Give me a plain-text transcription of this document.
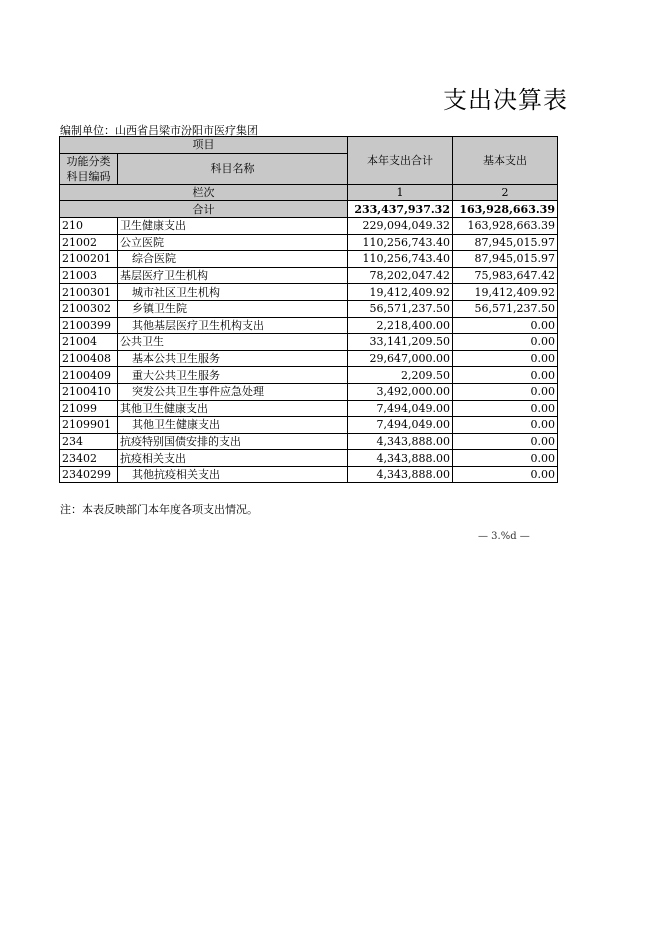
支出决算表
编制单位：山西省吕梁市汾阳市医疗集团
项目		本年支出合计	基本支出
功能分类
科目编码	科目名称		

栏次		1	2
合计		233,437,937.32	163,928,663.39
210	卫生健康支出	229,094,049.32	163,928,663.39
21002	公立医院	110,256,743.40	87,945,015.97
2100201	综合医院	110,256,743.40	87,945,015.97
21003	基层医疗卫生机构	78,202,047.42	75,983,647.42
2100301	城市社区卫生机构	19,412,409.92	19,412,409.92
2100302	乡镇卫生院	56,571,237.50	56,571,237.50
2100399	其他基层医疗卫生机构支出	2,218,400.00	0.00
21004	公共卫生	33,141,209.50	0.00
2100408	基本公共卫生服务	29,647,000.00	0.00
2100409	重大公共卫生服务	2,209.50	0.00
2100410	突发公共卫生事件应急处理	3,492,000.00	0.00
21099	其他卫生健康支出	7,494,049.00	0.00
2109901	其他卫生健康支出	7,494,049.00	0.00
234	抗疫特别国债安排的支出	4,343,888.00	0.00
23402	抗疫相关支出	4,343,888.00	0.00
2340299	其他抗疫相关支出	4,343,888.00	0.00
注：本表反映部门本年度各项支出情况。
— 3.%d —
